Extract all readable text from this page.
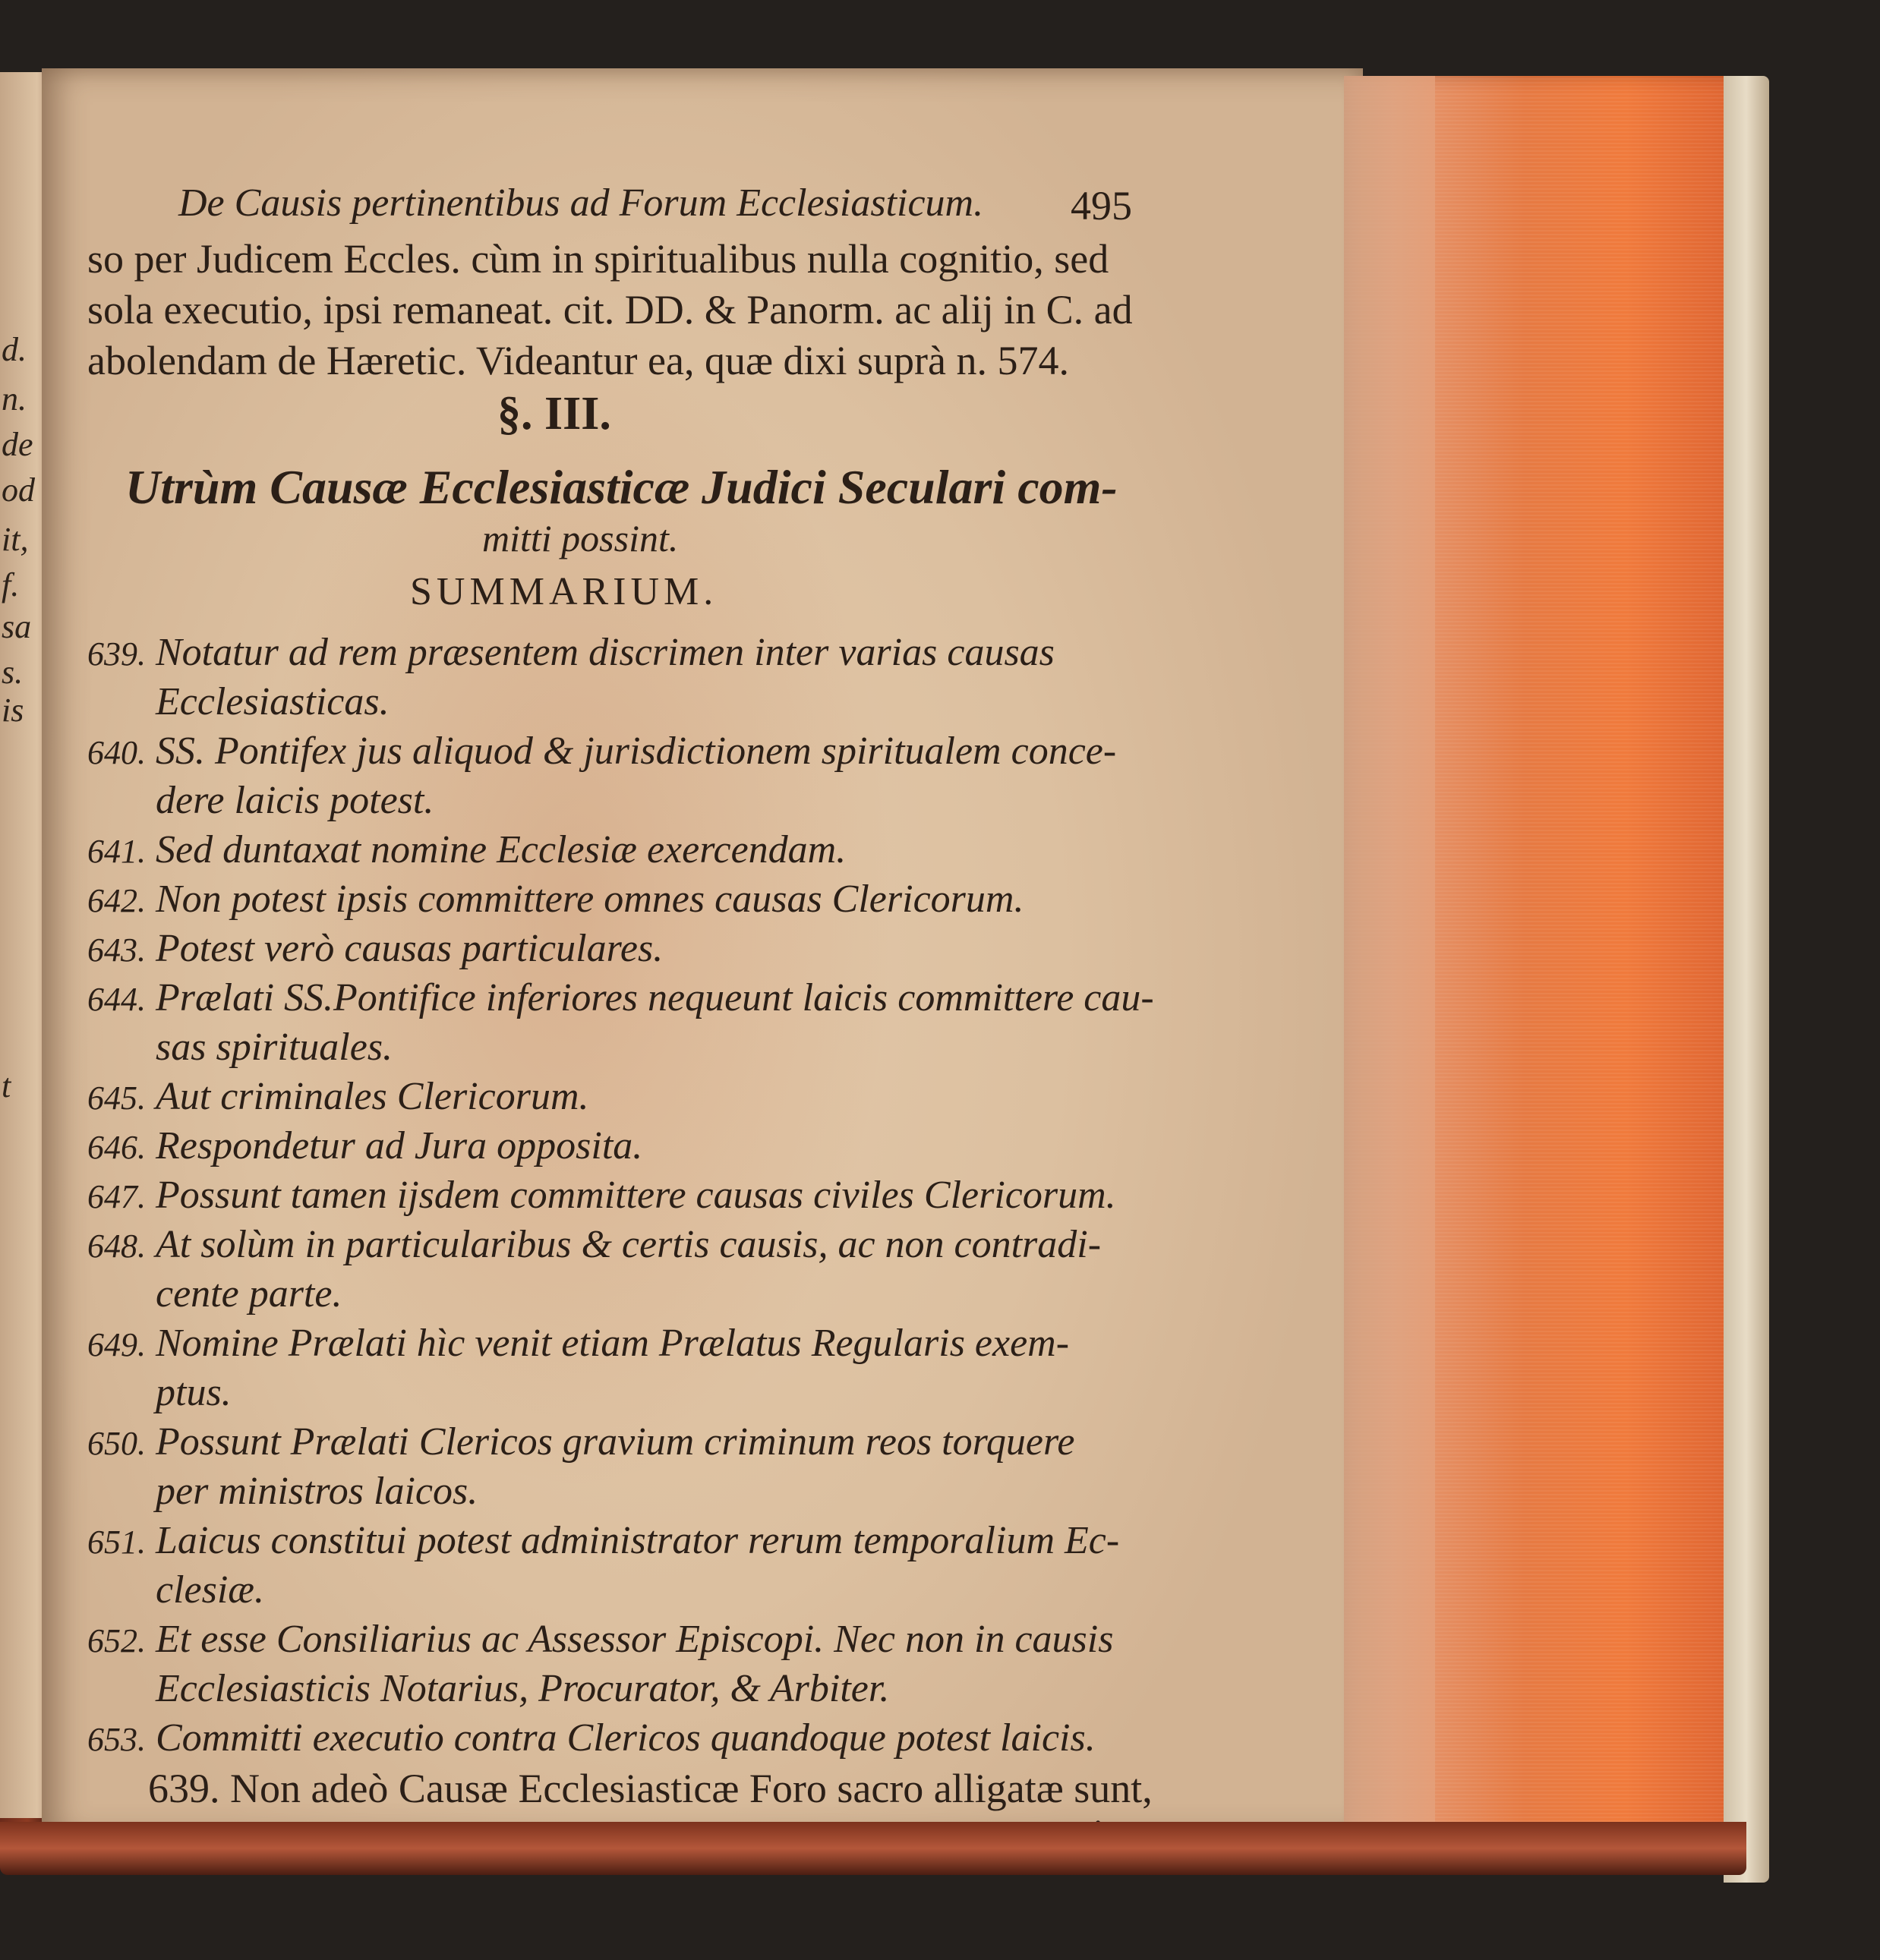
d.
n.
de
od
it,
f.
sa
s.
is
t
De Causis pertinentibus ad Forum Ecclesiasticum. 495
so per Judicem Eccles. cùm in spiritualibus nulla cognitio, sed
sola executio, ipsi remaneat. cit. DD. & Panorm. ac alij in C. ad
abolendam de Hæretic. Videantur ea, quæ dixi suprà n. 574.
§. III.
Utrùm Causæ Ecclesiasticæ Judici Seculari com-
mitti possint.
SUMMARIUM.
639. Notatur ad rem præsentem discrimen inter varias causas
Ecclesiasticas.
640. SS. Pontifex jus aliquod & jurisdictionem spiritualem conce-
dere laicis potest.
641. Sed duntaxat nomine Ecclesiæ exercendam.
642. Non potest ipsis committere omnes causas Clericorum.
643. Potest verò causas particulares.
644. Prælati SS.Pontifice inferiores nequeunt laicis committere cau-
sas spirituales.
645. Aut criminales Clericorum.
646. Respondetur ad Jura opposita.
647. Possunt tamen ijsdem committere causas civiles Clericorum.
648. At solùm in particularibus & certis causis, ac non contradi-
cente parte.
649. Nomine Prælati hìc venit etiam Prælatus Regularis exem-
ptus.
650. Possunt Prælati Clericos gravium criminum reos torquere
per ministros laicos.
651. Laicus constitui potest administrator rerum temporalium Ec-
clesiæ.
652. Et esse Consiliarius ac Assessor Episcopi. Nec non in causis
Ecclesiasticis Notarius, Procurator, & Arbiter.
653. Committi executio contra Clericos quandoque potest laicis.
639. Non adeò Causæ Ecclesiasticæ Foro sacro alligatæ sunt,
